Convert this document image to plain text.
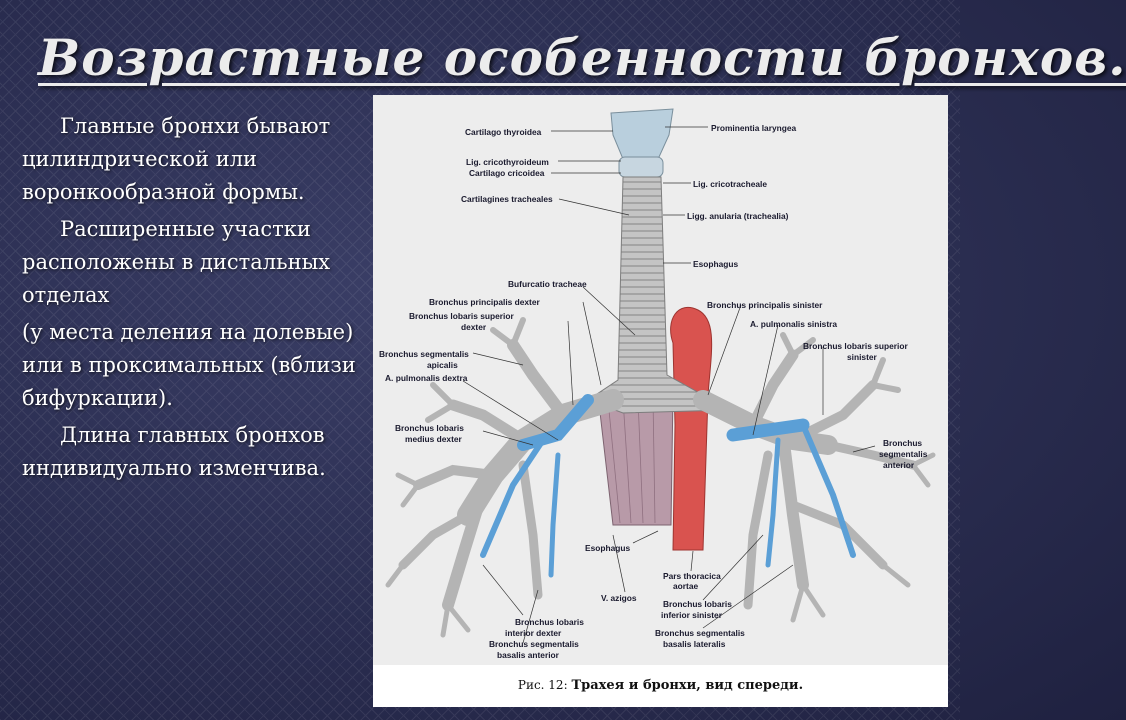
Возрастные особенности бронхов.

Главные бронхи бывают цилиндрической или воронкообразной формы.

Расширенные участки расположены в дистальных отделах

(у места деления на долевые) или в проксимальных (вблизи бифуркации).

Длина главных бронхов индивидуально изменчива.

Cartilago thyroidea	Prominentia laryngea
Lig. cricothyroideum
Cartilago cricoidea
Lig. cricotracheale
Cartilagines tracheales
Ligg. anularia (trachealia)
Esophagus
Bufurcatio tracheae
Bronchus principalis dexter	Bronchus principalis sinister
Bronchus lobaris superior
dexter	A. pulmonalis sinistra
Bronchus lobaris superior
sinister
Bronchus segmentalis
apicalis
A. pulmonalis dextra
Bronchus lobaris
medius dexter	Bronchus
segmentalis
anterior
Esophagus
Pars thoracica
aortae
V. azigos
Bronchus lobaris
inferior sinister
Bronchus lobaris
interior dexter	Bronchus segmentalis
basalis lateralis
Bronchus segmentalis
basalis anterior
Рис. 12: Трахея и бронхи, вид спереди.
